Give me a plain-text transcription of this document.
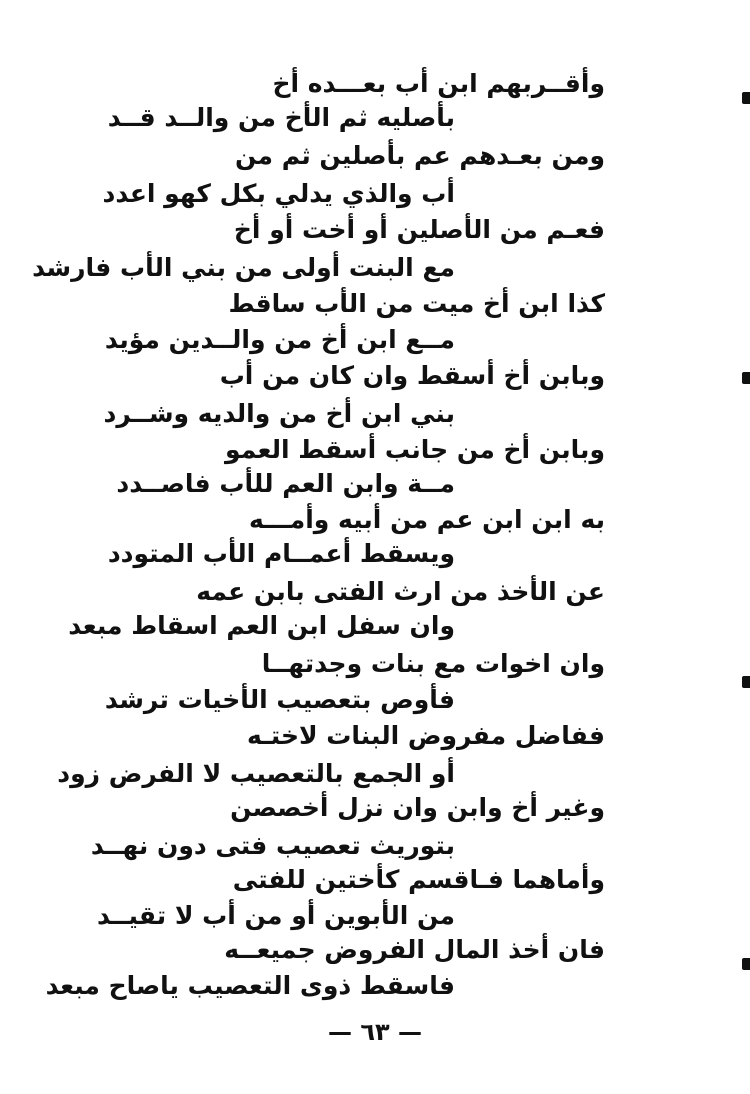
وأقــربهم ابن أب بعـــده أخ
بأصليه ثم الأخ من والــد قــد
ومن بعـدهم عم بأصلين ثم من
أب والذي يدلي بكل كهو اعدد
فعـم من الأصلين أو أخت أو أخ
مع البنت أولى من بني الأب فارشد
كذا ابن أخ ميت من الأب ساقط
مــع ابن أخ من والــدين مؤيد
وبابن أخ أسقط وان كان من أب
بني ابن أخ من والديه وشــرد
وبابن أخ من جانب أسقط العمو
مــة وابن العم للأب فاصــدد
به ابن ابن عم من أبيه وأمـــه
ويسقط أعمــام الأب المتودد
عن الأخذ من ارث الفتى بابن عمه
وان سفل ابن العم اسقاط مبعد
وان اخوات مع بنات وجدتهــا
فأوص بتعصيب الأخيات ترشد
ففاضل مفروض البنات لاختـه
أو الجمع بالتعصيب لا الفرض زود
وغير أخ وابن وان نزل أخصصن
بتوريث تعصيب فتى دون نهــد
وأماهما فـاقسم كأختين للفتى
من الأبوين أو من أب لا تقيــد
فان أخذ المال الفروض جميعــه
فاسقط ذوى التعصيب ياصاح مبعد
— ٦٣ —
